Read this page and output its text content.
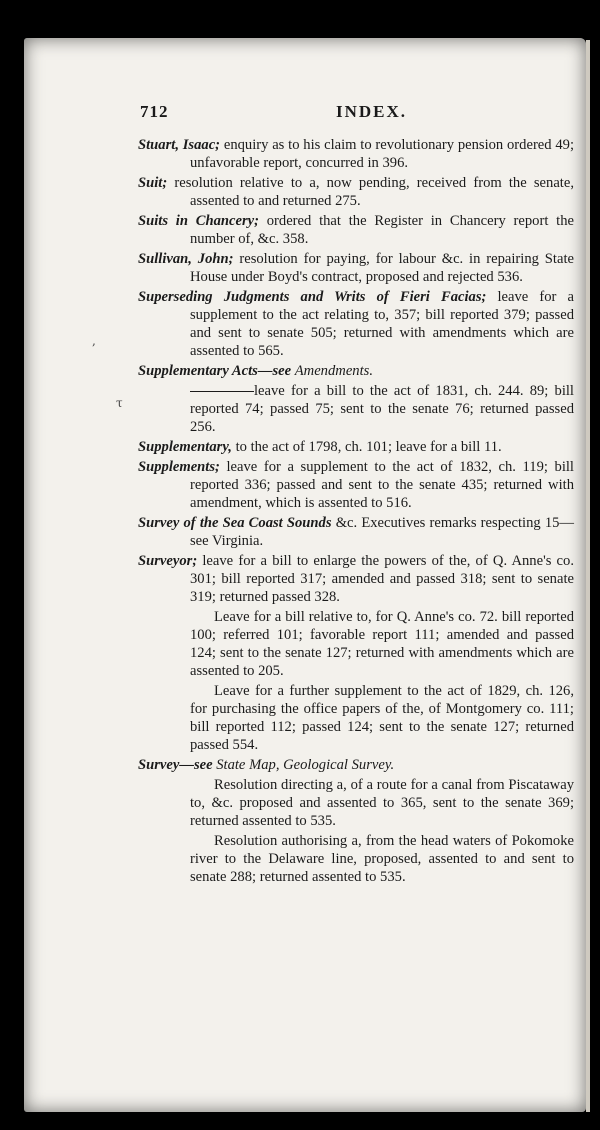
712	INDEX.

Stuart, Isaac; enquiry as to his claim to revolutionary pension ordered 49; unfavorable report, concurred in 396.

Suit; resolution relative to a, now pending, received from the senate, assented to and returned 275.

Suits in Chancery; ordered that the Register in Chancery report the number of, &c. 358.

Sullivan, John; resolution for paying, for labour &c. in repairing State House under Boyd's contract, proposed and rejected 536.

Superseding Judgments and Writs of Fieri Facias; leave for a supplement to the act relating to, 357; bill reported 379; passed and sent to senate 505; returned with amendments which are assented to 565.

Supplementary Acts—see Amendments.

leave for a bill to the act of 1831, ch. 244. 89; bill reported 74; passed 75; sent to the senate 76; returned passed 256.

Supplementary, to the act of 1798, ch. 101; leave for a bill 11.

Supplements; leave for a supplement to the act of 1832, ch. 119; bill reported 336; passed and sent to the senate 435; returned with amendment, which is assented to 516.

Survey of the Sea Coast Sounds &c. Executives remarks respecting 15—see Virginia.

Surveyor; leave for a bill to enlarge the powers of the, of Q. Anne's co. 301; bill reported 317; amended and passed 318; sent to senate 319; returned passed 328.

Leave for a bill relative to, for Q. Anne's co. 72. bill reported 100; referred 101; favorable report 111; amended and passed 124; sent to the senate 127; returned with amendments which are assented to 205.

Leave for a further supplement to the act of 1829, ch. 126, for purchasing the office papers of the, of Montgomery co. 111; bill reported 112; passed 124; sent to the senate 127; returned passed 554.

Survey—see State Map, Geological Survey.

Resolution directing a, of a route for a canal from Piscataway to, &c. proposed and assented to 365, sent to the senate 369; returned assented to 535.

Resolution authorising a, from the head waters of Pokomoke river to the Delaware line, proposed, assented to and sent to senate 288; returned assented to 535.

,
τ
